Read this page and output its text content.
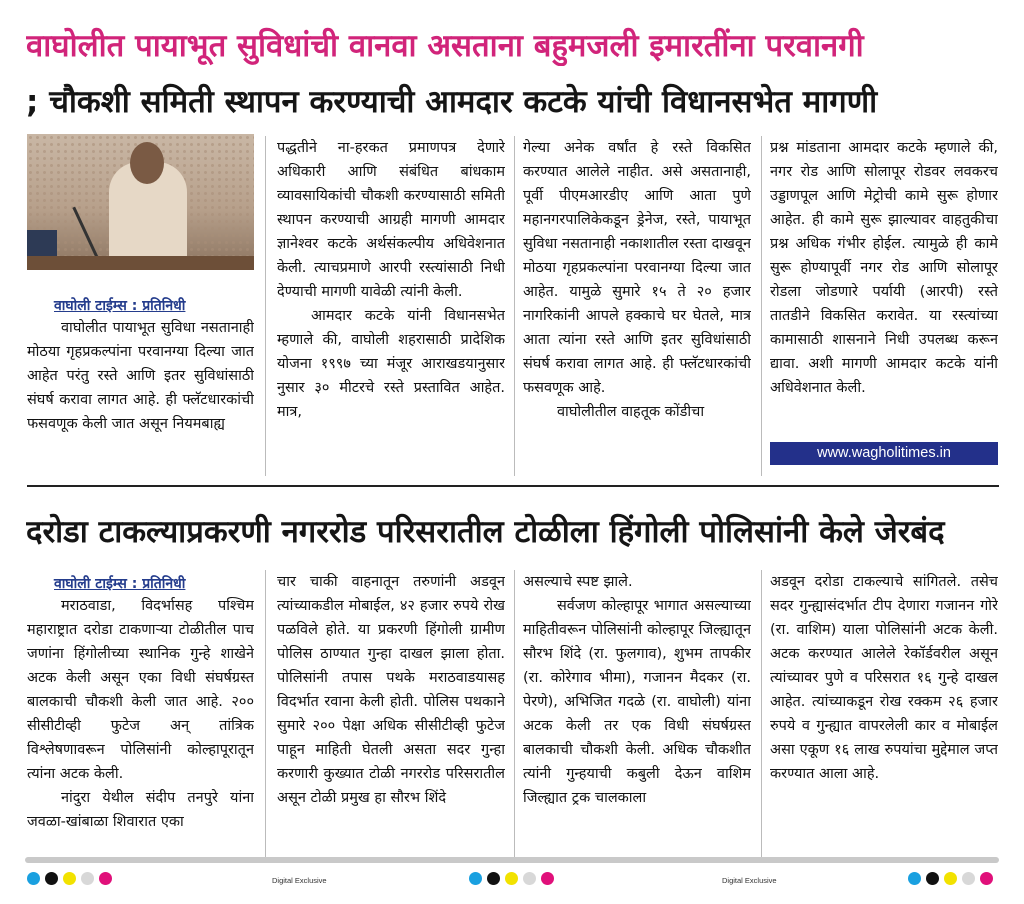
वाघोलीत पायाभूत सुविधांची वानवा असताना बहुमजली इमारतींना परवानगी
; चौकशी समिती स्थापन करण्याची आमदार कटके यांची विधानसभेत मागणी
वाघोली टाईम्स : प्रतिनिधी

वाघोलीत पायाभूत सुविधा नसतानाही मोठया गृहप्रकल्पांना परवानग्या दिल्या जात आहेत परंतु रस्ते आणि इतर सुविधांसाठी संघर्ष करावा लागत आहे. ही फ्लॅटधारकांची फसवणूक केली जात असून नियमबाह्य

पद्धतीने ना-हरकत प्रमाणपत्र देणारे अधिकारी आणि संबंधित बांधकाम व्यावसायिकांची चौकशी करण्यासाठी समिती स्थापन करण्याची आग्रही मागणी आमदार ज्ञानेश्वर कटके अर्थसंकल्पीय अधिवेशनात केली. त्याचप्रमाणे आरपी रस्त्यांसाठी निधी देण्याची मागणी यावेळी त्यांनी केली.

आमदार कटके यांनी विधानसभेत म्हणाले की, वाघोली शहरासाठी प्रादेशिक योजना १९९७ च्या मंजूर आराखडयानुसार नुसार ३० मीटरचे रस्ते प्रस्तावित आहेत. मात्र,

गेल्या अनेक वर्षांत हे रस्ते विकसित करण्यात आलेले नाहीत. असे असतानाही, पूर्वी पीएमआरडीए आणि आता पुणे महानगरपालिकेकडून ड्रेनेज, रस्ते, पायाभूत सुविधा नसतानाही नकाशातील रस्ता दाखवून मोठया गृहप्रकल्पांना परवानग्या दिल्या जात आहेत. यामुळे सुमारे १५ ते २० हजार नागरिकांनी आपले हक्काचे घर घेतले, मात्र आता त्यांना रस्ते आणि इतर सुविधांसाठी संघर्ष करावा लागत आहे. ही फ्लॅटधारकांची फसवणूक आहे.

वाघोलीतील वाहतूक कोंडीचा

प्रश्न मांडताना आमदार कटके म्हणाले की, नगर रोड आणि सोलापूर रोडवर लवकरच उड्डाणपूल आणि मेट्रोची कामे सुरू होणार आहेत. ही कामे सुरू झाल्यावर वाहतुकीचा प्रश्न अधिक गंभीर होईल. त्यामुळे ही कामे सुरू होण्यापूर्वी नगर रोड आणि सोलापूर रोडला जोडणारे पर्यायी (आरपी) रस्ते तातडीने विकसित करावेत. या रस्त्यांच्या कामासाठी शासनाने निधी उपलब्ध करून द्यावा. अशी मागणी आमदार कटके यांनी अधिवेशनात केली.

www.wagholitimes.in
दरोडा टाकल्याप्रकरणी नगररोड परिसरातील टोळीला हिंगोली पोलिसांनी केले जेरबंद
वाघोली टाईम्स : प्रतिनिधी

मराठवाडा, विदर्भासह पश्चिम महाराष्ट्रात दरोडा टाकणाऱ्या टोळीतील पाच जणांना हिंगोलीच्या स्थानिक गुन्हे शाखेने अटक केली असून एका विधी संघर्षग्रस्त बालकाची चौकशी केली जात आहे. २०० सीसीटीव्ही फुटेज अन् तांत्रिक विश्लेषणावरून पोलिसांनी कोल्हापूरातून त्यांना अटक केली.

नांदुरा येथील संदीप तनपुरे यांना जवळा-खांबाळा शिवारात एका

चार चाकी वाहनातून तरुणांनी अडवून त्यांच्याकडील मोबाईल, ४२ हजार रुपये रोख पळविले होते. या प्रकरणी हिंगोली ग्रामीण पोलिस ठाण्यात गुन्हा दाखल झाला होता. पोलिसांनी तपास पथके मराठवाडयासह विदर्भात रवाना केली होती. पोलिस पथकाने सुमारे २०० पेक्षा अधिक सीसीटीव्ही फुटेज पाहून माहिती घेतली असता सदर गुन्हा करणारी कुख्यात टोळी नगररोड परिसरातील असून टोळी प्रमुख हा सौरभ शिंदे

असल्याचे स्पष्ट झाले.

सर्वजण कोल्हापूर भागात असल्याच्या माहितीवरून पोलिसांनी कोल्हापूर जिल्ह्यातून सौरभ शिंदे (रा. फुलगाव), शुभम तापकीर (रा. कोरेगाव भीमा), गजानन मैदकर (रा. पेरणे), अभिजित गदळे (रा. वाघोली) यांना अटक केली तर एक विधी संघर्षग्रस्त बालकाची चौकशी केली. अधिक चौकशीत त्यांनी गुन्हयाची कबुली देऊन वाशिम जिल्ह्यात ट्रक चालकाला

अडवून दरोडा टाकल्याचे सांगितले. तसेच सदर गुन्ह्यासंदर्भात टीप देणारा गजानन गोरे (रा. वाशिम) याला पोलिसांनी अटक केली. अटक करण्यात आलेले रेकॉर्डवरील असून त्यांच्यावर पुणे व परिसरात १६ गुन्हे दाखल आहेत. त्यांच्याकडून रोख रक्कम २६ हजार रुपये व गुन्ह्यात वापरलेली कार व मोबाईल असा एकूण १६ लाख रुपयांचा मुद्देमाल जप्त करण्यात आला आहे.

Digital Exclusive	Digital Exclusive
